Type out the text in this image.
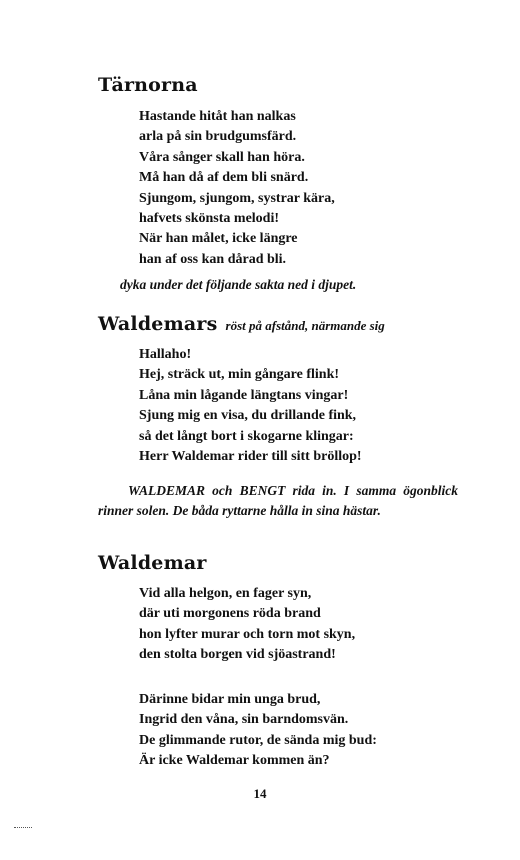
Tärnorna
Hastande hitåt han nalkas
arla på sin brudgumsfärd.
Våra sånger skall han höra.
Må han då af dem bli snärd.
Sjungom, sjungom, systrar kära,
hafvets skönsta melodi!
När han målet, icke längre
han af oss kan dårad bli.
dyka under det följande sakta ned i djupet.
Waldemars röst på afstånd, närmande sig
Hallaho!
Hej, sträck ut, min gångare flink!
Låna min lågande längtans vingar!
Sjung mig en visa, du drillande fink,
så det långt bort i skogarne klingar:
Herr Waldemar rider till sitt bröllop!
WALDEMAR och BENGT rida in. I samma ögonblick rinner solen. De båda ryttarne hålla in sina hästar.
Waldemar
Vid alla helgon, en fager syn,
där uti morgonens röda brand
hon lyfter murar och torn mot skyn,
den stolta borgen vid sjöastrand!
Därinne bidar min unga brud,
Ingrid den våna, sin barndomsvän.
De glimmande rutor, de sända mig bud:
Är icke Waldemar kommen än?
14
